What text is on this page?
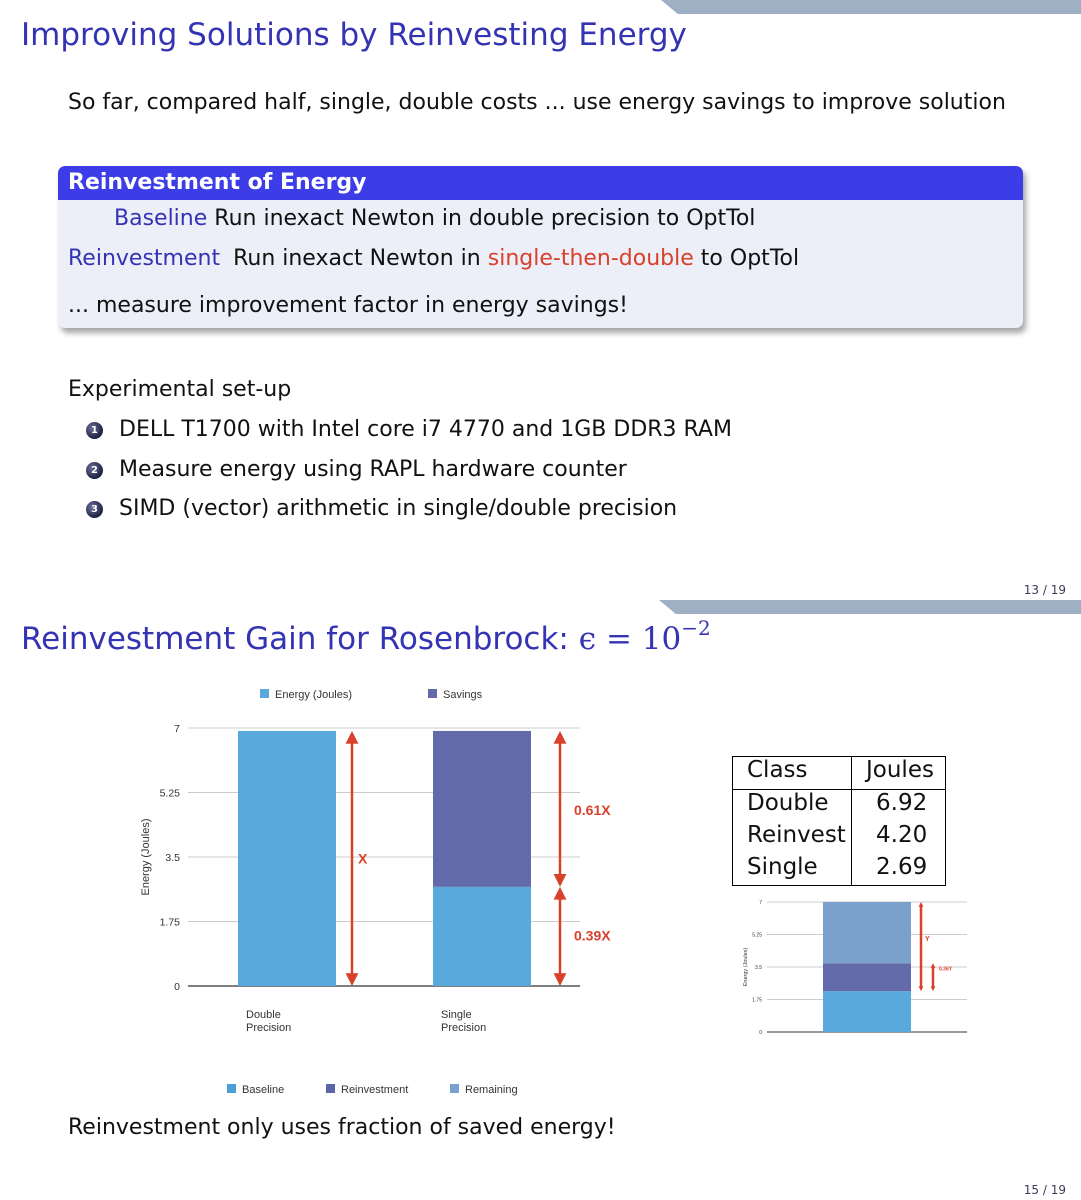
Improving Solutions by Reinvesting Energy
So far, compared half, single, double costs ... use energy savings to improve solution
Reinvestment of Energy
Baseline Run inexact Newton in double precision to OptTol
Reinvestment Run inexact Newton in single-then-double to OptTol
... measure improvement factor in energy savings!
Experimental set-up
1 DELL T1700 with Intel core i7 4770 and 1GB DDR3 RAM
2 Measure energy using RAPL hardware counter
3 SIMD (vector) arithmetic in single/double precision
13 / 19
Reinvestment Gain for Rosenbrock: $\epsilon = 10^{-2}$
Energy (Joules)	Savings
0
1.75
3.5
5.25
7
Energy (Joules)
Double
Precision
Single
Precision
X
0.61X
0.39X
Baseline	Reinvestment	Remaining
Class	Joules
Double 6.92
Reinvest 4.20
Single	2.69
0
1.75
3.5
5.25
7
Energy (Joules)
Y
0.36Y
Reinvestment only uses fraction of saved energy!
15 / 19
